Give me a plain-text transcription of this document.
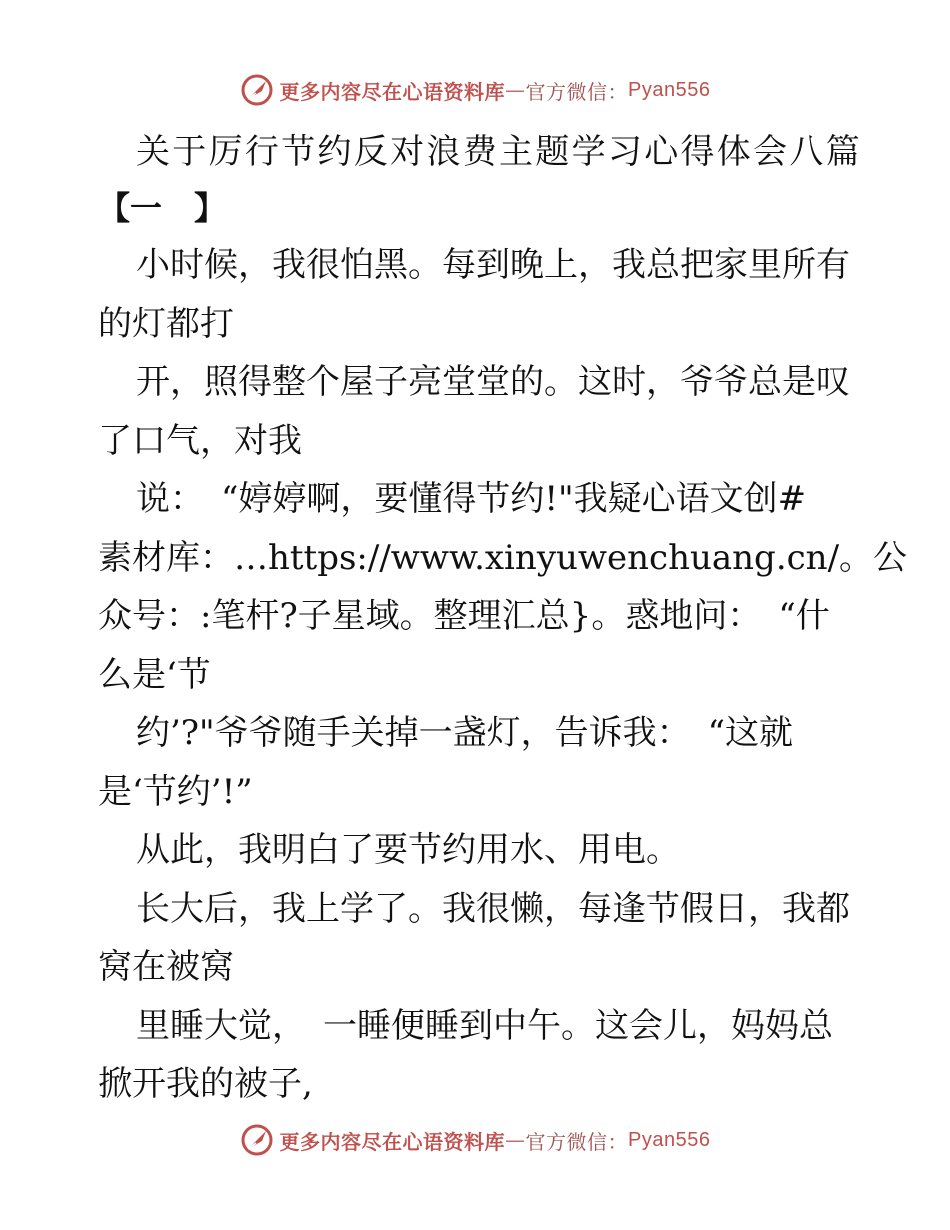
更多内容尽在心语资料库 — 官方微信： Pyan556
关于厉行节约反对浪费主题学习心得体会八篇
【一　】
小时候，我很怕黑。每到晚上，我总把家里所有
的灯都打
开，照得整个屋子亮堂堂的。这时，爷爷总是叹
了口气，对我
说：　“婷婷啊，要懂得节约!"我疑心语文创#
素材库：…https://www.xinyuwenchuang.cn/。公
众号：:笔杆?子星域。整理汇总}。惑地问：　“什
么是‘节
约’?"爷爷随手关掉一盏灯，告诉我：　“这就
是‘节约’!”
从此，我明白了要节约用水、用电。
长大后，我上学了。我很懒，每逢节假日，我都
窝在被窝
里睡大觉，　一睡便睡到中午。这会儿，妈妈总
掀开我的被子,
更多内容尽在心语资料库 — 官方微信： Pyan556
